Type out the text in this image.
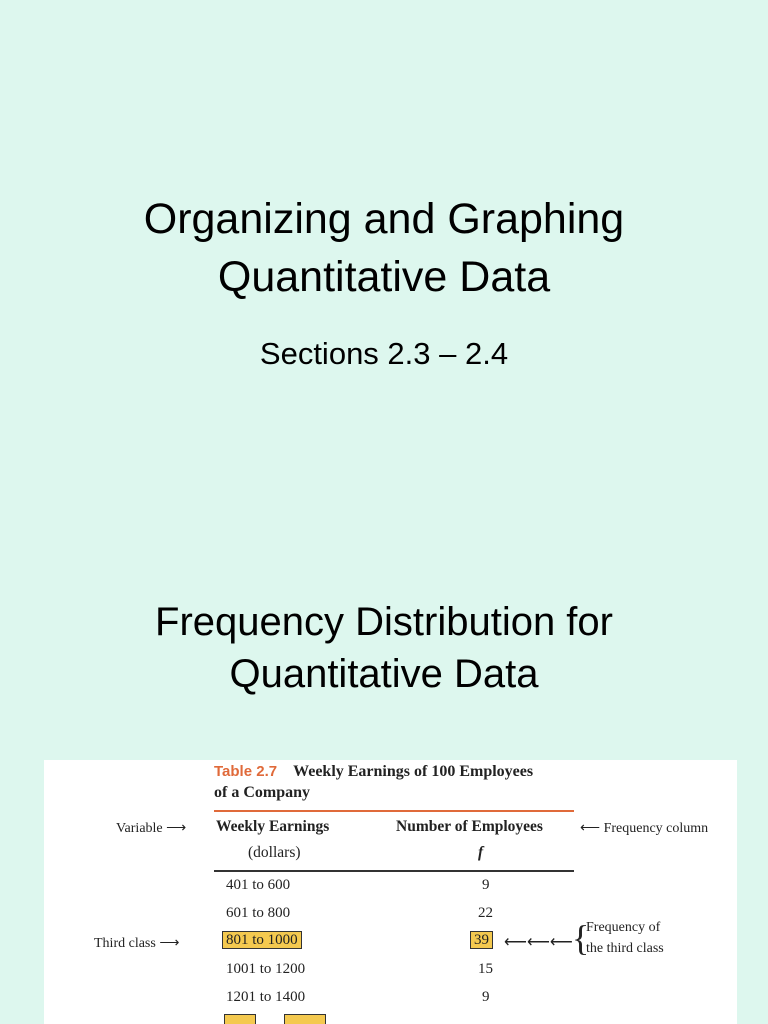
Organizing and Graphing
Quantitative Data
Sections 2.3 – 2.4
Frequency Distribution for
Quantitative Data
Table 2.7 Weekly Earnings of 100 Employees
of a Company
Variable ⟶ Weekly Earnings
(dollars)
Number of Employees
f
⟵ Frequency column
401 to 600	9
601 to 800	22
Third class ⟶	801 to 1000	39 ⟵⟵⟵ {
Frequency of
the third class
1001 to 1200	15
1201 to 1400	9
